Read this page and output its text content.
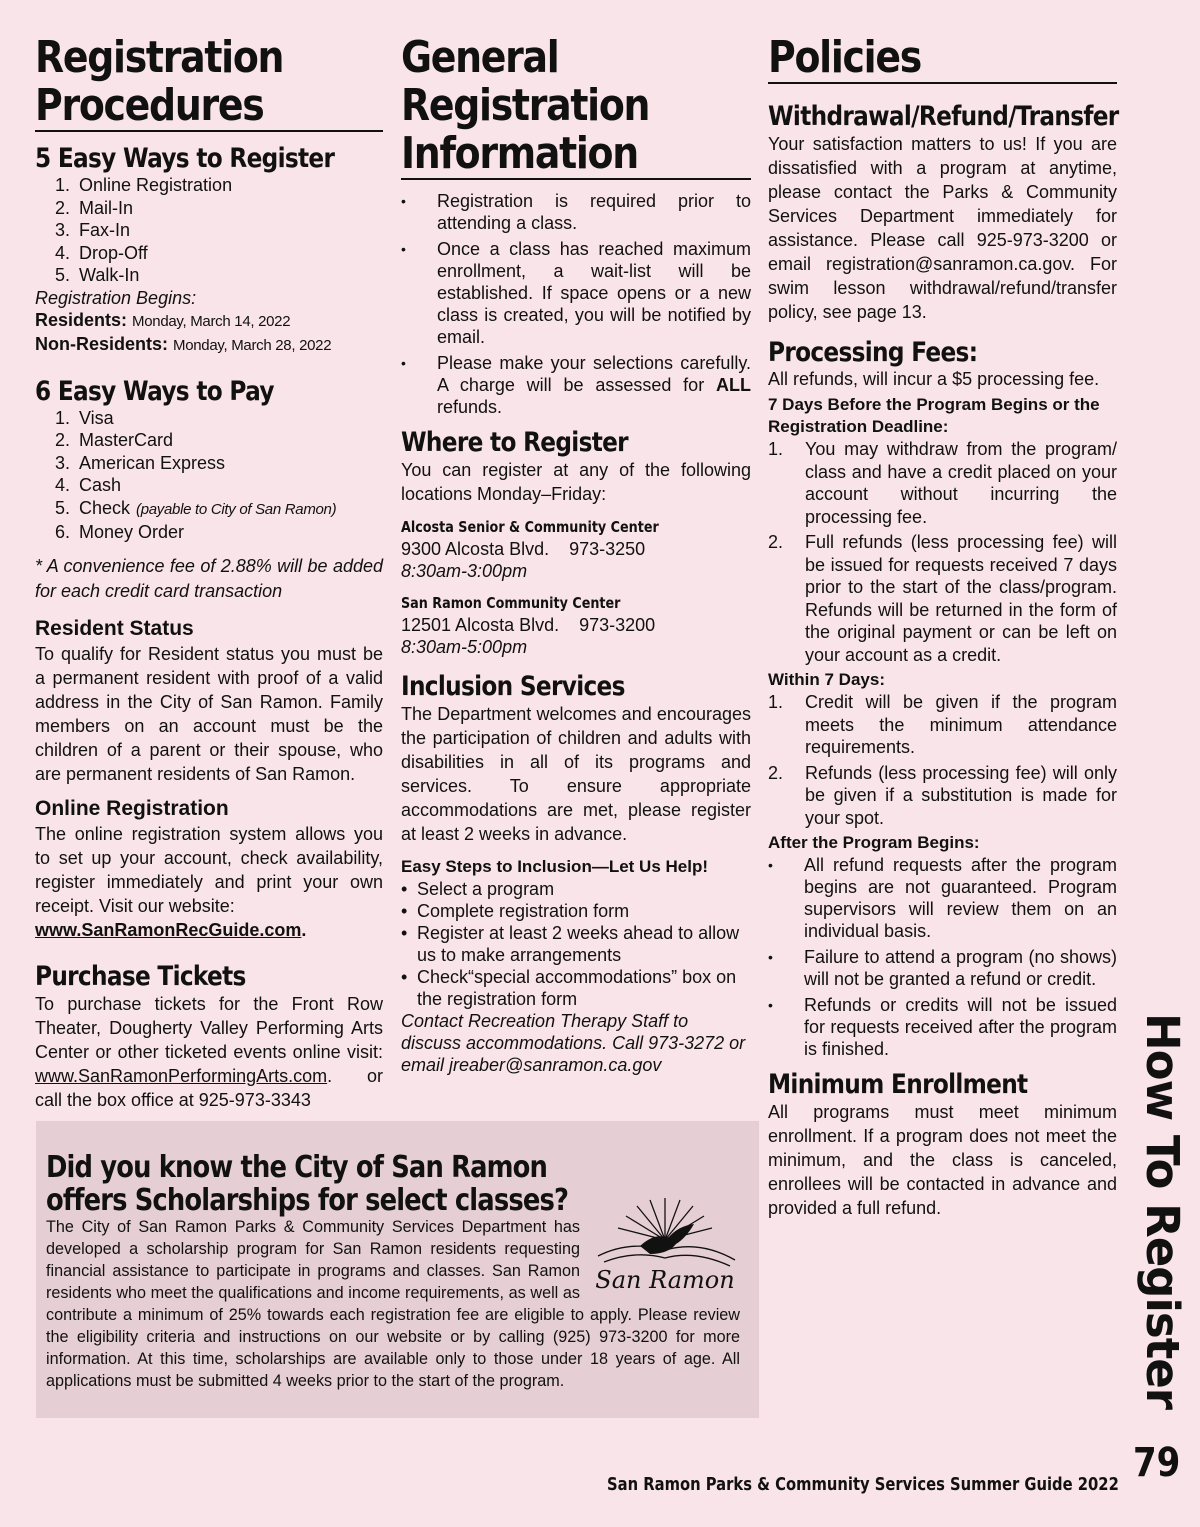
Registration
Procedures
5 Easy Ways to Register
1. Online Registration
2. Mail-In
3. Fax-In
4. Drop-Off
5. Walk-In
Registration Begins:
Residents: Monday, March 14, 2022
Non-Residents: Monday, March 28, 2022
6 Easy Ways to Pay
1. Visa
2. MasterCard
3. American Express
4. Cash
5. Check (payable to City of San Ramon)
6. Money Order
* A convenience fee of 2.88% will be added for each credit card transaction
Resident Status
To qualify for Resident status you must be a permanent resident with proof of a valid address in the City of San Ramon. Family members on an account must be the children of a parent or their spouse, who are permanent residents of San Ramon.
Online Registration
The online registration system allows you to set up your account, check availability, register immediately and print your own receipt. Visit our website:
www.SanRamonRecGuide.com.
Purchase Tickets
To purchase tickets for the Front Row Theater, Dougherty Valley Performing Arts Center or other ticketed events online visit: www.SanRamonPerformingArts.com. or call the box office at 925-973-3343
General
Registration
Information
• Registration is required prior to attending a class.
• Once a class has reached maximum enrollment, a wait-list will be established. If space opens or a new class is created, you will be notified by email.
• Please make your selections carefully. A charge will be assessed for ALL refunds.
Where to Register
You can register at any of the following locations Monday–Friday:
Alcosta Senior & Community Center
9300 Alcosta Blvd. 973-3250
8:30am-3:00pm
San Ramon Community Center
12501 Alcosta Blvd. 973-3200
8:30am-5:00pm
Inclusion Services
The Department welcomes and encourages the participation of children and adults with disabilities in all of its programs and services. To ensure appropriate accommodations are met, please register at least 2 weeks in advance.
Easy Steps to Inclusion—Let Us Help!
• Select a program
• Complete registration form
• Register at least 2 weeks ahead to allow us to make arrangements
• Check“special accommodations” box on the registration form
Contact Recreation Therapy Staff to discuss accommodations. Call 973-3272 or email jreaber@sanramon.ca.gov
Policies
Withdrawal/Refund/Transfer
Your satisfaction matters to us! If you are dissatisfied with a program at anytime, please contact the Parks & Community Services Department immediately for assistance. Please call 925-973-3200 or email registration@sanramon.ca.gov. For swim lesson withdrawal/refund/transfer policy, see page 13.
Processing Fees:
All refunds, will incur a $5 processing fee.
7 Days Before the Program Begins or the Registration Deadline:
1. You may withdraw from the program/ class and have a credit placed on your account without incurring the processing fee.
2. Full refunds (less processing fee) will be issued for requests received 7 days prior to the start of the class/program. Refunds will be returned in the form of the original payment or can be left on your account as a credit.
Within 7 Days:
1. Credit will be given if the program meets the minimum attendance requirements.
2. Refunds (less processing fee) will only be given if a substitution is made for your spot.
After the Program Begins:
• All refund requests after the program begins are not guaranteed. Program supervisors will review them on an individual basis.
• Failure to attend a program (no shows) will not be granted a refund or credit.
• Refunds or credits will not be issued for requests received after the program is finished.
Minimum Enrollment
All programs must meet minimum enrollment. If a program does not meet the minimum, and the class is canceled, enrollees will be contacted in advance and provided a full refund.
Did you know the City of San Ramon
offers Scholarships for select classes?
San Ramon
The City of San Ramon Parks & Community Services Department has developed a scholarship program for San Ramon residents requesting financial assistance to participate in programs and classes. San Ramon residents who meet the qualifications and income requirements, as well as contribute a minimum of 25% towards each registration fee are eligible to apply. Please review the eligibility criteria and instructions on our website or by calling (925) 973-3200 for more information. At this time, scholarships are available only to those under 18 years of age. All applications must be submitted 4 weeks prior to the start of the program.	How To Register
79
San Ramon Parks & Community Services Summer Guide 2022
